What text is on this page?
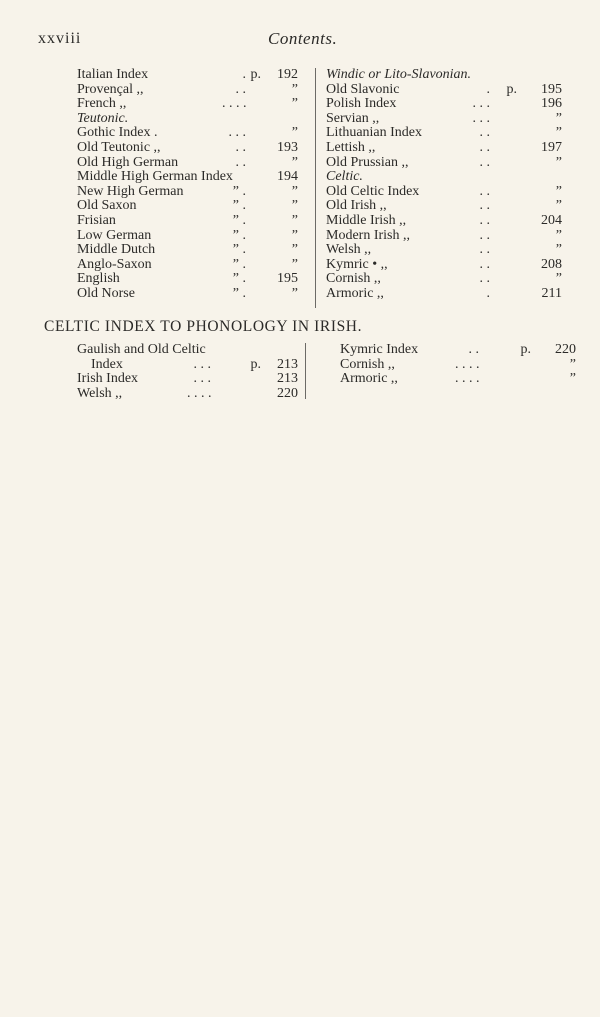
xxviii	Contents.
Italian Index	. p. 192
Provençal ,,	. .	”
French ,,	. . . .	”
Teutonic.
Gothic Index .	. . .	”
Old Teutonic ,,	. . 193
Old High German	. .	”
Middle High German Index	194
New High German	” .	”
Old Saxon	” .	”
Frisian	” .	”
Low German	” .	”
Middle Dutch	” .	”
Anglo-Saxon	” .	”
English	” . 195
Old Norse	” .	”
Windic or Lito-Slavonian.
Old Slavonic	.	p. 195
Polish Index	. . .	196
Servian ,,	. . .	”
Lithuanian Index	. .	”
Lettish ,,	. .	197
Old Prussian ,,	. .	”
Celtic.
Old Celtic Index	. .	”
Old Irish ,,	. .	”
Middle Irish ,,	. .	204
Modern Irish ,,	. .	”
Welsh ,,	. .	”
Kymric • ,,	. .	208
Cornish ,,	. .	”
Armoric ,,	.	211
CELTIC INDEX TO PHONOLOGY IN IRISH.
Gaulish and Old Celtic
Index	. . .	p. 213
Irish Index	. . .	213
Welsh ,,	. . . .	220
Kymric Index	. .	p. 220
Cornish ,,	. . . .	”
Armoric ,,	. . . .	”
